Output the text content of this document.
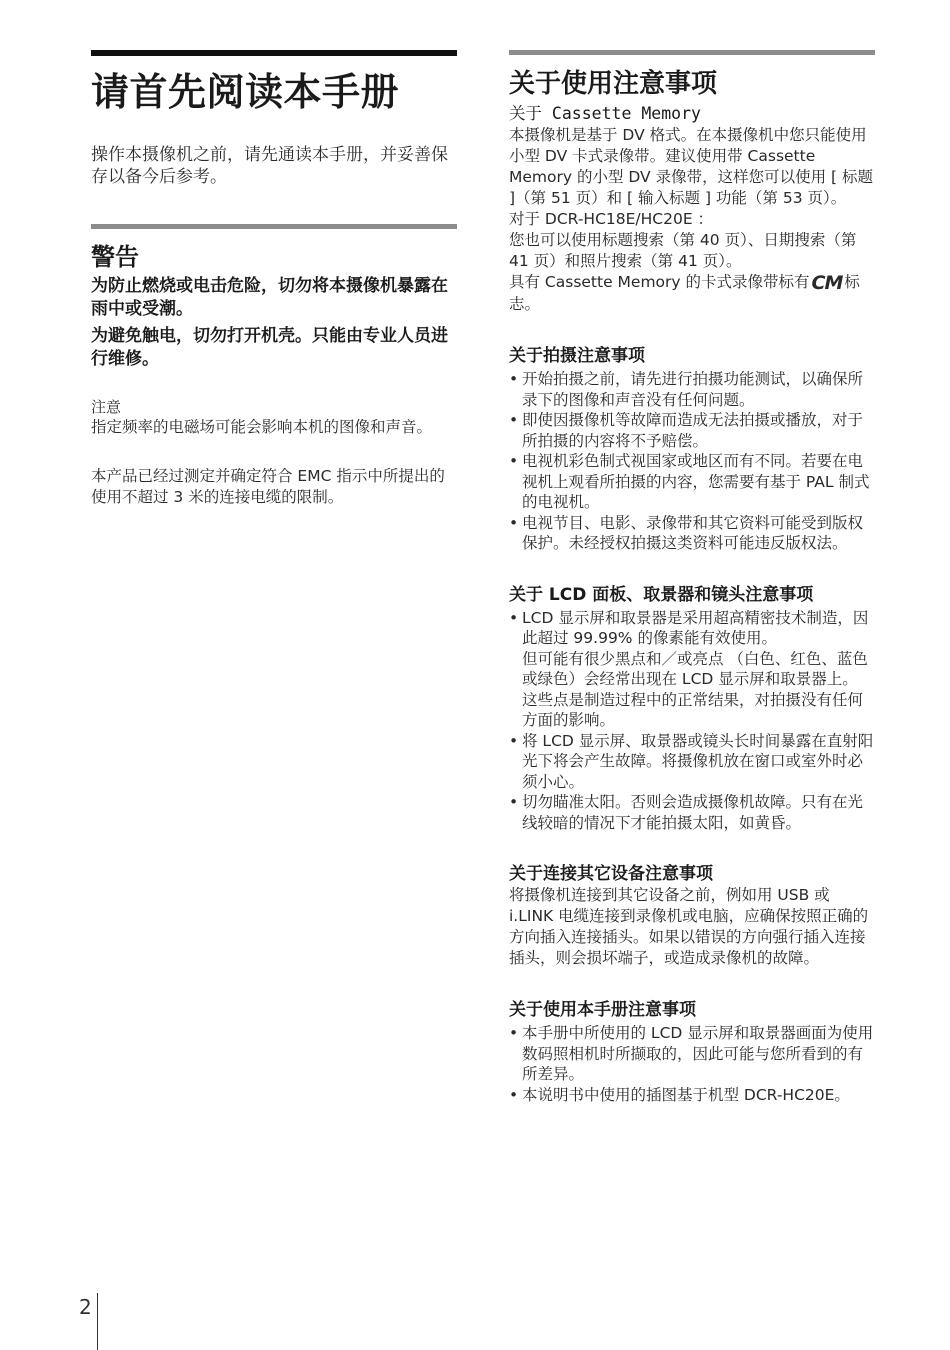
请首先阅读本手册

操作本摄像机之前，请先通读本手册，并妥善保存以备今后参考。

警告

为防止燃烧或电击危险，切勿将本摄像机暴露在雨中或受潮。

为避免触电，切勿打开机壳。只能由专业人员进行维修。

注意

指定频率的电磁场可能会影响本机的图像和声音。

本产品已经过测定并确定符合 EMC 指示中所提出的使用不超过 3 米的连接电缆的限制。

关于使用注意事项
关于 Cassette Memory

本摄像机是基于 DV 格式。在本摄像机中您只能使用小型 DV 卡式录像带。建议使用带 Cassette Memory 的小型 DV 录像带，这样您可以使用 [ 标题 ]（第 51 页）和 [ 输入标题 ] 功能（第 53 页）。

对于 DCR-HC18E/HC20E ：

您也可以使用标题搜索（第 40 页）、日期搜索（第 41 页）和照片搜索（第 41 页）。

具有 Cassette Memory 的卡式录像带标有 CM 标志。

关于拍摄注意事项
• 开始拍摄之前，请先进行拍摄功能测试，以确保所录下的图像和声音没有任何问题。
• 即使因摄像机等故障而造成无法拍摄或播放，对于所拍摄的内容将不予赔偿。
• 电视机彩色制式视国家或地区而有不同。若要在电视机上观看所拍摄的内容，您需要有基于 PAL 制式的电视机。
• 电视节目、电影、录像带和其它资料可能受到版权保护。未经授权拍摄这类资料可能违反版权法。
关于 LCD 面板、取景器和镜头注意事项
• LCD 显示屏和取景器是采用超高精密技术制造，因此超过 99.99% 的像素能有效使用。
但可能有很少黑点和／或亮点 （白色、红色、蓝色或绿色）会经常出现在 LCD 显示屏和取景器上。
这些点是制造过程中的正常结果，对拍摄没有任何方面的影响。
• 将 LCD 显示屏、取景器或镜头长时间暴露在直射阳光下将会产生故障。将摄像机放在窗口或室外时必须小心。
• 切勿瞄准太阳。否则会造成摄像机故障。只有在光线较暗的情况下才能拍摄太阳，如黄昏。
关于连接其它设备注意事项

将摄像机连接到其它设备之前，例如用 USB 或 i.LINK 电缆连接到录像机或电脑，应确保按照正确的方向插入连接插头。如果以错误的方向强行插入连接插头，则会损坏端子，或造成录像机的故障。

关于使用本手册注意事项
• 本手册中所使用的 LCD 显示屏和取景器画面为使用数码照相机时所撷取的，因此可能与您所看到的有所差异。
• 本说明书中使用的插图基于机型 DCR-HC20E。
2
